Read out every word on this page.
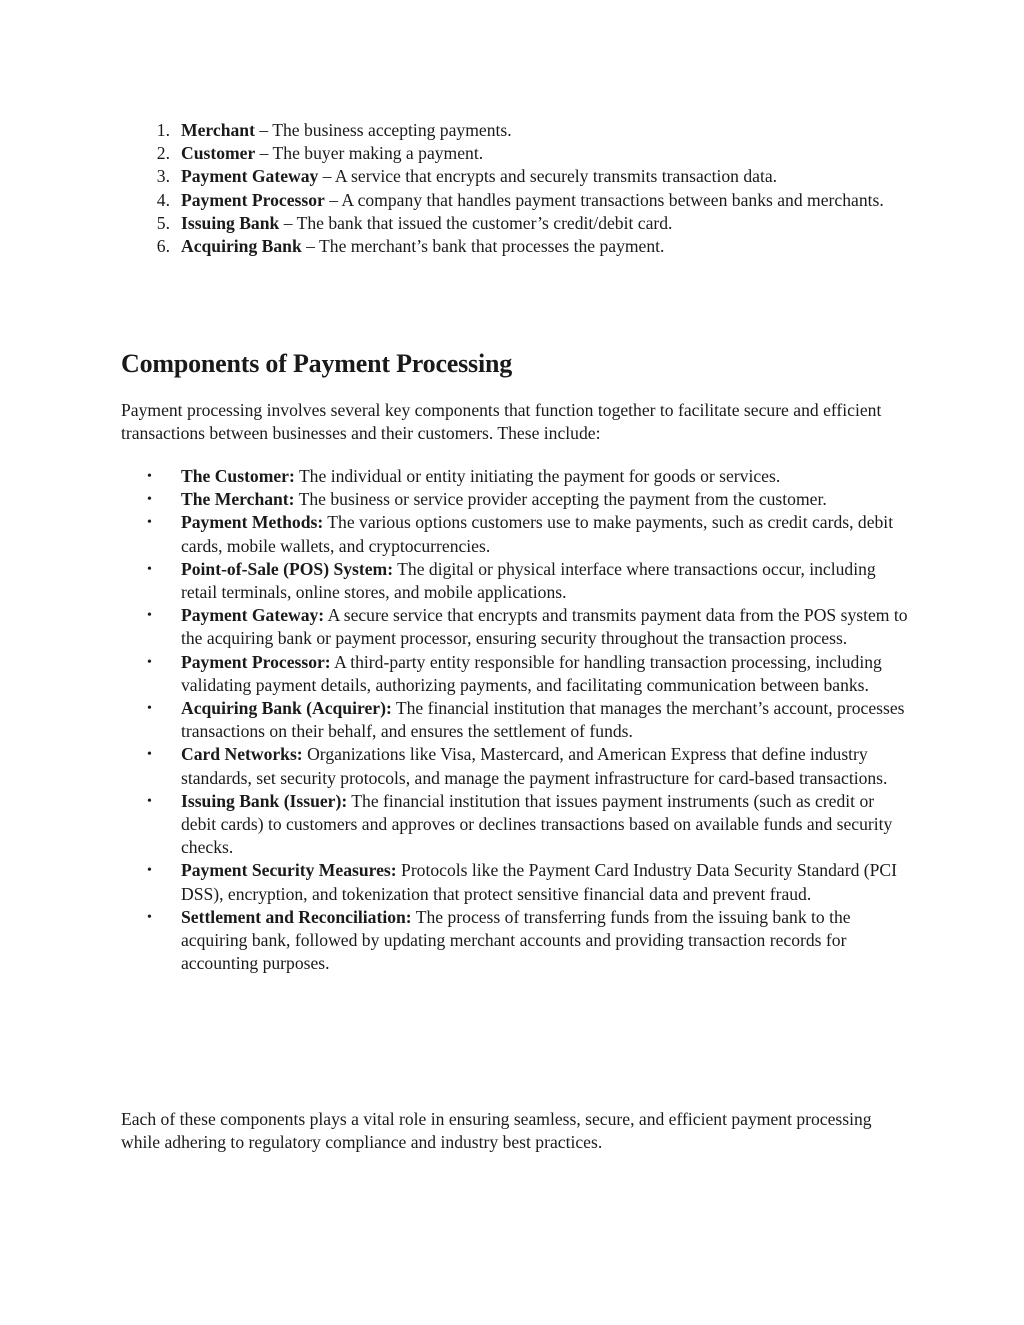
1 . Merchant – The business accepting payments.
2 . Customer – The buyer making a payment.
3 . Payment Gateway – A service that encrypts and securely transmits transaction data.
4 . Payment Processor – A company that handles payment transactions between banks and merchants.
5 . Issuing Bank – The bank that issued the customer’s credit/debit card.
6 . Acquiring Bank – The merchant’s bank that processes the payment.
Components of Payment Processing

Payment processing involves several key components that function together to facilitate secure and efficient transactions between businesses and their customers. These include:

• The Customer: The individual or entity initiating the payment for goods or services.
• The Merchant: The business or service provider accepting the payment from the customer.
• Payment Methods: The various options customers use to make payments, such as credit cards, debit cards, mobile wallets, and cryptocurrencies.
• Point-of-Sale (POS) System: The digital or physical interface where transactions occur, including retail terminals, online stores, and mobile applications.
• Payment Gateway: A secure service that encrypts and transmits payment data from the POS system to the acquiring bank or payment processor, ensuring security throughout the transaction process.
• Payment Processor: A third-party entity responsible for handling transaction processing, including validating payment details, authorizing payments, and facilitating communication between banks.
• Acquiring Bank (Acquirer): The financial institution that manages the merchant’s account, processes transactions on their behalf, and ensures the settlement of funds.
• Card Networks: Organizations like Visa, Mastercard, and American Express that define industry standards, set security protocols, and manage the payment infrastructure for card-based transactions.
• Issuing Bank (Issuer): The financial institution that issues payment instruments (such as credit or debit cards) to customers and approves or declines transactions based on available funds and security checks.
• Payment Security Measures: Protocols like the Payment Card Industry Data Security Standard (PCI DSS), encryption, and tokenization that protect sensitive financial data and prevent fraud.
• Settlement and Reconciliation: The process of transferring funds from the issuing bank to the acquiring bank, followed by updating merchant accounts and providing transaction records for accounting purposes.

Each of these components plays a vital role in ensuring seamless, secure, and efficient payment processing while adhering to regulatory compliance and industry best practices.
